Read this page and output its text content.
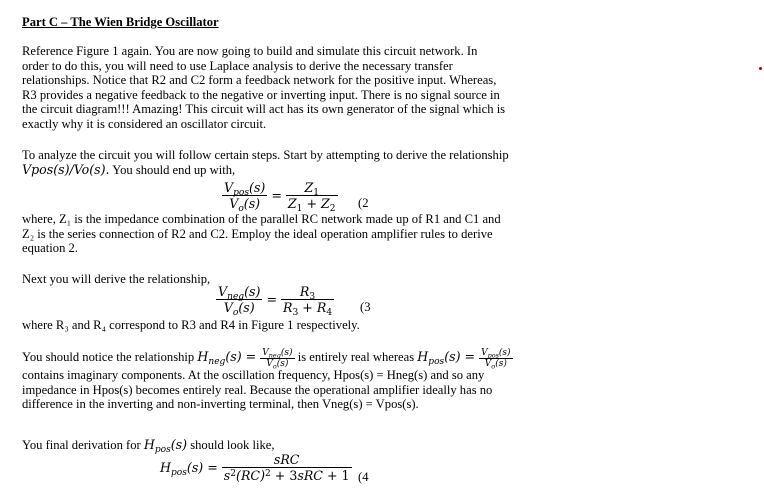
Part C – The Wien Bridge Oscillator
Reference Figure 1 again. You are now going to build and simulate this circuit network. In
order to do this, you will need to use Laplace analysis to derive the necessary transfer
relationships. Notice that R2 and C2 form a feedback network for the positive input. Whereas,
R3 provides a negative feedback to the negative or inverting input. There is no signal source in
the circuit diagram!!! Amazing! This circuit will act has its own generator of the signal which is
exactly why it is considered an oscillator circuit.
To analyze the circuit you will follow certain steps. Start by attempting to derive the relationship
Vpos(s)/Vo(s). You should end up with,
$\frac{V_{pos}(s)}{V_o(s)} = \frac{Z_1}{Z_1 + Z_2} (2$
where, Z₁ is the impedance combination of the parallel RC network made up of R1 and C1 and
Z₂ is the series connection of R2 and C2. Employ the ideal operation amplifier rules to derive
equation 2.
Next you will derive the relationship,
$\frac{V_{neg}(s)}{V_o(s)} = \frac{R_3}{R_3 + R_4} (3$
where R₃ and R₄ correspond to R3 and R4 in Figure 1 respectively.
You should notice the relationship $H_{neg}(s) = \frac{V_{neg}(s)}{V_o(s)}$ is entirely real whereas $H_{pos}(s) = \frac{V_{pos}(s)}{V_o(s)}$
contains imaginary components. At the oscillation frequency, Hpos(s) = Hneg(s) and so any
impedance in Hpos(s) becomes entirely real. Because the operational amplifier ideally has no
difference in the inverting and non-inverting terminal, then Vneg(s) = Vpos(s).
You final derivation for $H_{pos}(s)$ should look like,
$H_{pos}(s) = \frac{\text{sRC}}{s^2(RC)^2 + 3sRC + 1} (4$
